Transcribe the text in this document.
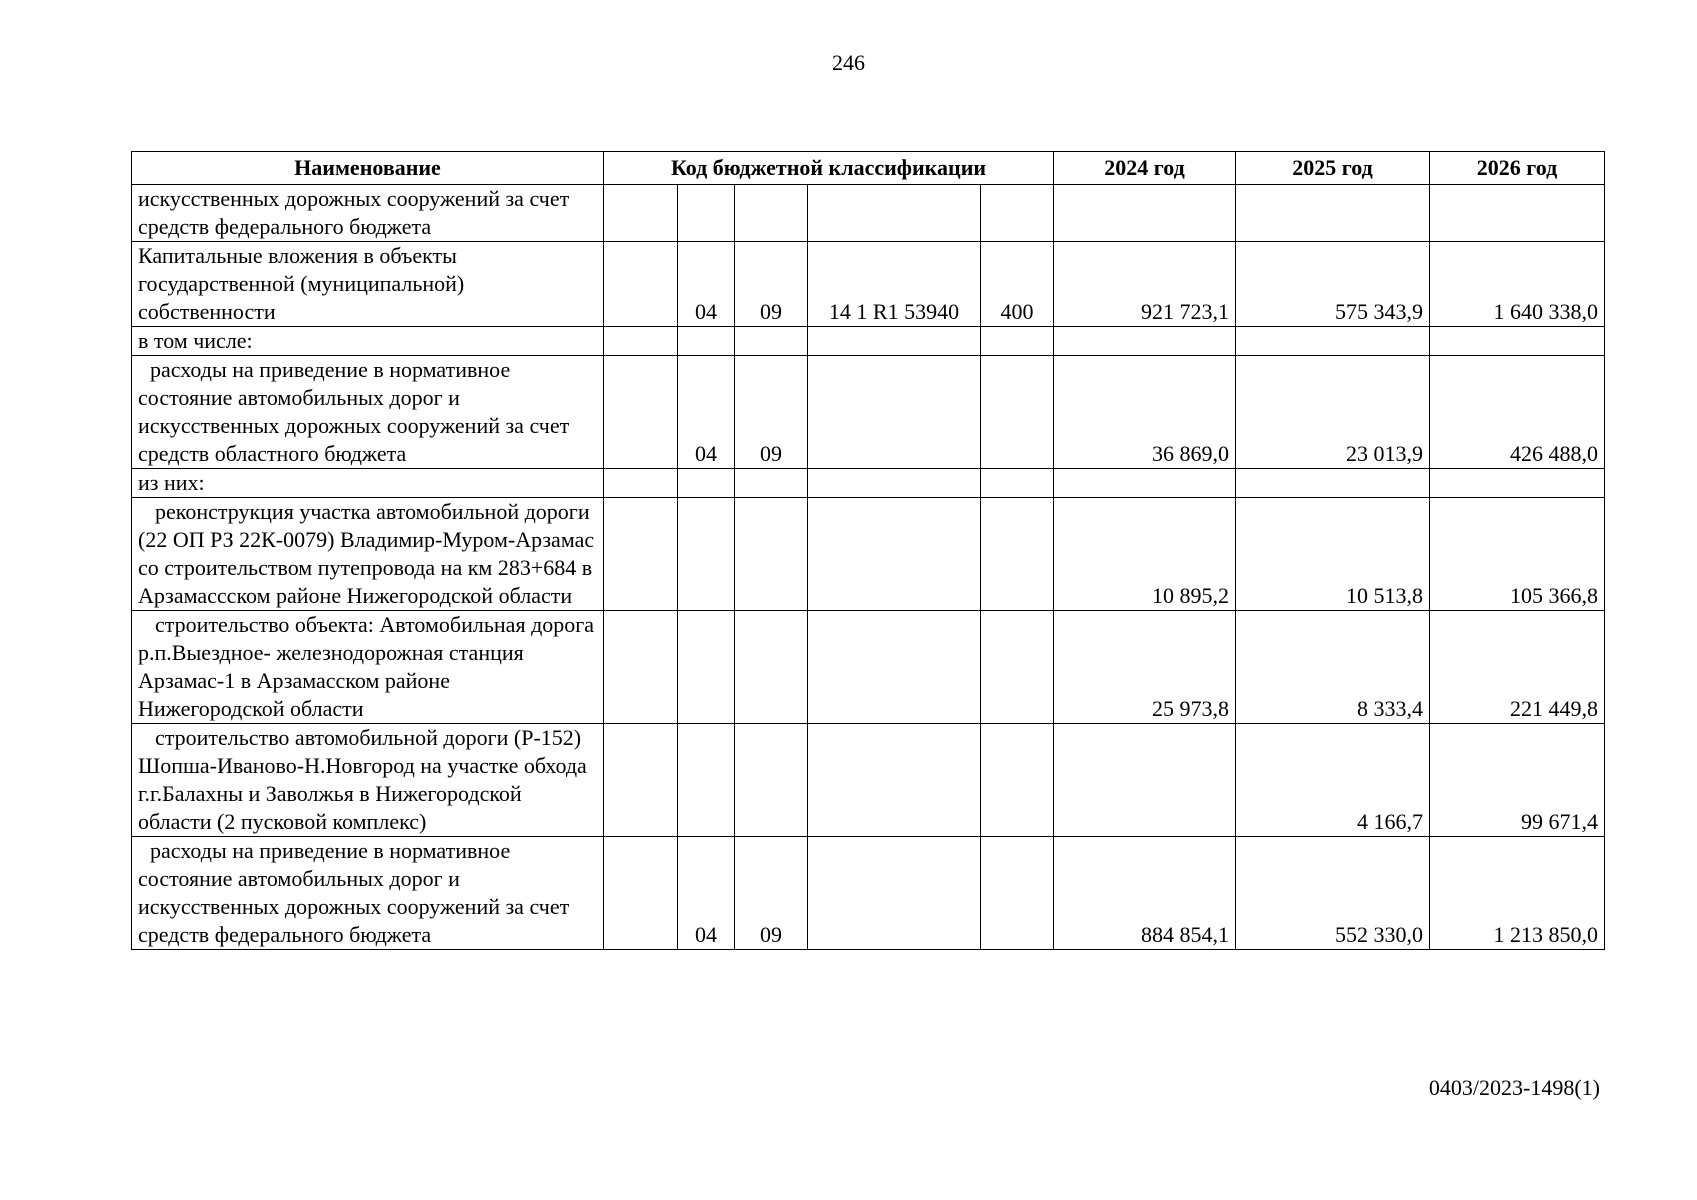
246
Наименование	Код бюджетной классификации					2024 год	2025 год	2026 год
искусственных дорожных сооружений за счет средств федерального бюджета								
Капитальные вложения в объекты государственной (муниципальной) собственности		04	09	14 1 R1 53940	400	921 723,1	575 343,9	1 640 338,0
в том числе:								
расходы на приведение в нормативное состояние автомобильных дорог и искусственных дорожных сооружений за счет средств областного бюджета		04	09			36 869,0	23 013,9	426 488,0
из них:								
реконструкция участка автомобильной дороги (22 ОП РЗ 22К-0079) Владимир-Муром-Арзамас со строительством путепровода на км 283+684 в Арзамассском районе Нижегородской области						10 895,2	10 513,8	105 366,8
строительство объекта: Автомобильная дорога р.п.Выездное- железнодорожная станция Арзамас-1 в Арзамасском районе Нижегородской области						25 973,8	8 333,4	221 449,8
строительство автомобильной дороги (Р-152) Шопша-Иваново-Н.Новгород на участке обхода г.г.Балахны и Заволжья в Нижегородской области (2 пусковой комплекс)							4 166,7	99 671,4
расходы на приведение в нормативное состояние автомобильных дорог и искусственных дорожных сооружений за счет средств федерального бюджета		04	09			884 854,1	552 330,0	1 213 850,0
0403/2023-1498(1)
